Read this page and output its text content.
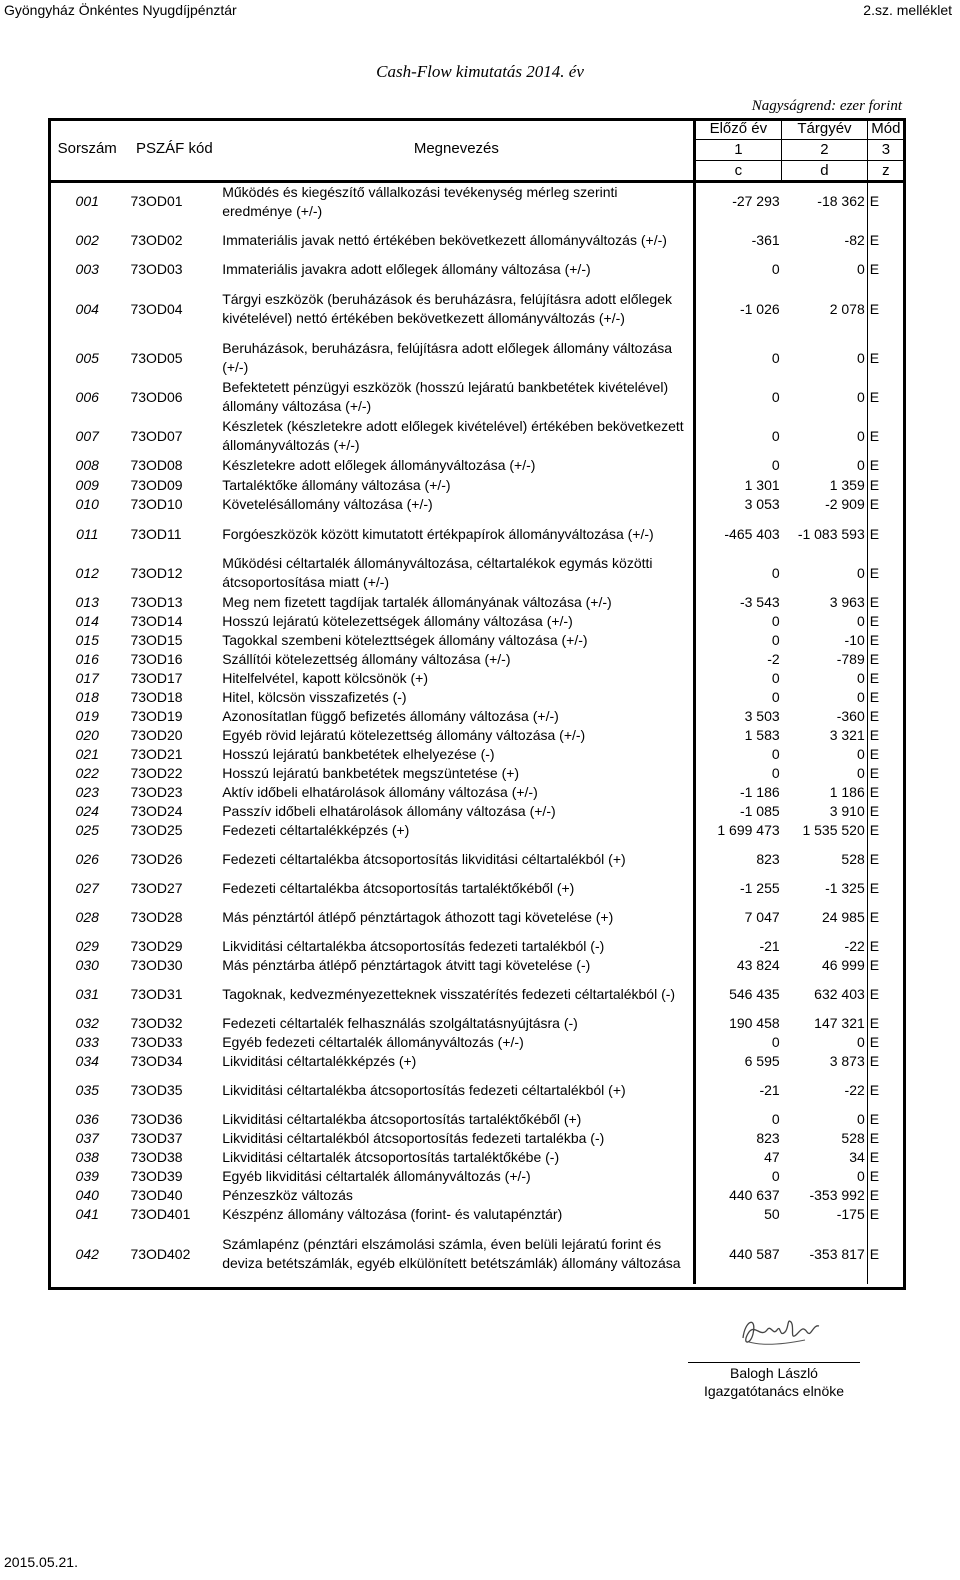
Gyöngyház Önkéntes Nyugdíjpénztár	2.sz. melléklet
Cash-Flow kimutatás 2014. év
Nagyságrend: ezer forint
Sorszám	PSZÁF kód	Megnevezés	Előző év	Tárgyév	Mód
			1	2	3
			c	d	z
001	73OD01	Működés és kiegészítő vállalkozási tevékenység mérleg szerinti eredménye (+/-)	-27 293	-18 362	E
002	73OD02	Immateriális javak nettó értékében bekövetkezett állományváltozás (+/-)	-361	-82	E
003	73OD03	Immateriális javakra adott előlegek állomány változása (+/-)	0	0	E
004	73OD04	Tárgyi eszközök (beruházások és beruházásra, felújításra adott előlegek kivételével) nettó értékében bekövetkezett állományváltozás (+/-)	-1 026	2 078	E
005	73OD05	Beruházások, beruházásra, felújításra adott előlegek állomány változása (+/-)	0	0	E
006	73OD06	Befektetett pénzügyi eszközök (hosszú lejáratú bankbetétek kivételével) állomány változása (+/-)	0	0	E
007	73OD07	Készletek (készletekre adott előlegek kivételével) értékében bekövetkezett állományváltozás (+/-)	0	0	E
008	73OD08	Készletekre adott előlegek állományváltozása (+/-)	0	0	E
009	73OD09	Tartaléktőke állomány változása (+/-)	1 301	1 359	E
010	73OD10	Követelésállomány változása (+/-)	3 053	-2 909	E
011	73OD11	Forgóeszközök között kimutatott értékpapírok állományváltozása (+/-)	-465 403	-1 083 593	E
012	73OD12	Működési céltartalék állományváltozása, céltartalékok egymás közötti átcsoportosítása miatt (+/-)	0	0	E
013	73OD13	Meg nem fizetett tagdíjak tartalék állományának változása (+/-)	-3 543	3 963	E
014	73OD14	Hosszú lejáratú kötelezettségek állomány változása (+/-)	0	0	E
015	73OD15	Tagokkal szembeni kötelezttségek állomány változása (+/-)	0	-10	E
016	73OD16	Szállítói kötelezettség állomány változása (+/-)	-2	-789	E
017	73OD17	Hitelfelvétel, kapott kölcsönök (+)	0	0	E
018	73OD18	Hitel, kölcsön visszafizetés (-)	0	0	E
019	73OD19	Azonosítatlan függő befizetés állomány változása (+/-)	3 503	-360	E
020	73OD20	Egyéb rövid lejáratú kötelezettség állomány változása (+/-)	1 583	3 321	E
021	73OD21	Hosszú lejáratú bankbetétek elhelyezése (-)	0	0	E
022	73OD22	Hosszú lejáratú bankbetétek megszüntetése (+)	0	0	E
023	73OD23	Aktív időbeli elhatárolások állomány változása (+/-)	-1 186	1 186	E
024	73OD24	Passzív időbeli elhatárolások állomány változása (+/-)	-1 085	3 910	E
025	73OD25	Fedezeti céltartalékképzés (+)	1 699 473	1 535 520	E
026	73OD26	Fedezeti céltartalékba átcsoportosítás likviditási céltartalékból (+)	823	528	E
027	73OD27	Fedezeti céltartalékba átcsoportosítás tartaléktőkéből (+)	-1 255	-1 325	E
028	73OD28	Más pénztártól átlépő pénztártagok áthozott tagi követelése (+)	7 047	24 985	E
029	73OD29	Likviditási céltartalékba átcsoportosítás fedezeti tartalékból (-)	-21	-22	E
030	73OD30	Más pénztárba átlépő pénztártagok átvitt tagi követelése (-)	43 824	46 999	E
031	73OD31	Tagoknak, kedvezményezetteknek visszatérítés fedezeti céltartalékból (-)	546 435	632 403	E
032	73OD32	Fedezeti céltartalék felhasználás szolgáltatásnyújtásra (-)	190 458	147 321	E
033	73OD33	Egyéb fedezeti céltartalék állományváltozás (+/-)	0	0	E
034	73OD34	Likviditási céltartalékképzés (+)	6 595	3 873	E
035	73OD35	Likviditási céltartalékba átcsoportosítás fedezeti céltartalékból (+)	-21	-22	E
036	73OD36	Likviditási céltartalékba átcsoportosítás tartaléktőkéből (+)	0	0	E
037	73OD37	Likviditási céltartalékból átcsoportosítás fedezeti tartalékba (-)	823	528	E
038	73OD38	Likviditási céltartalék átcsoportosítás tartaléktőkébe (-)	47	34	E
039	73OD39	Egyéb likviditási céltartalék állományváltozás (+/-)	0	0	E
040	73OD40	Pénzeszköz változás	440 637	-353 992	E
041	73OD401	Készpénz állomány változása (forint- és valutapénztár)	50	-175	E
042	73OD402	Számlapénz (pénztári elszámolási számla, éven belüli lejáratú forint és deviza betétszámlák, egyéb elkülönített betétszámlák) állomány változása	440 587	-353 817	E
Balogh László
Igazgatótanács elnöke
2015.05.21.
